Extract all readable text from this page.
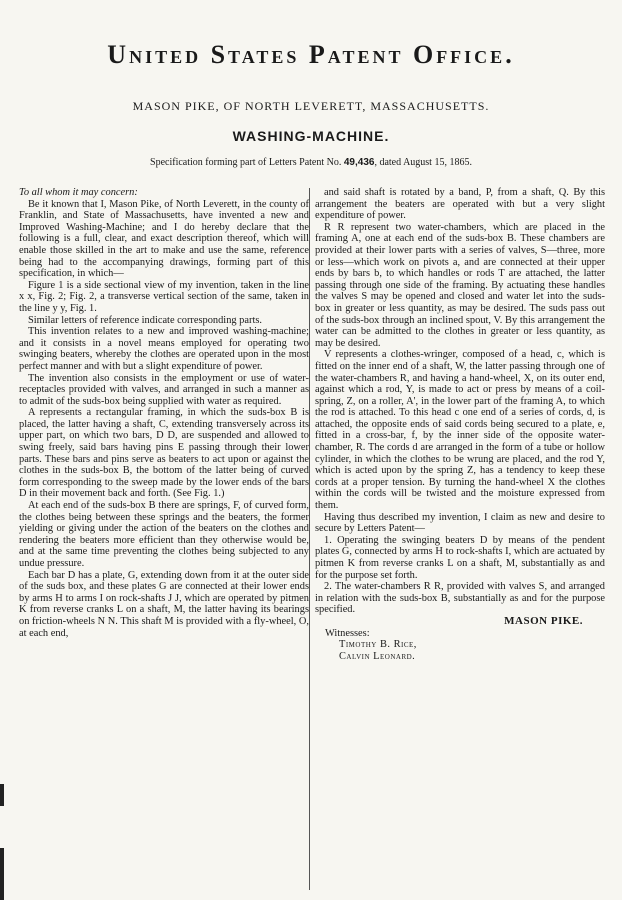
United States Patent Office.

MASON PIKE, OF NORTH LEVERETT, MASSACHUSETTS.

WASHING-MACHINE.

Specification forming part of Letters Patent No. 49,436, dated August 15, 1865.

To all whom it may concern:

Be it known that I, Mason Pike, of North Leverett, in the county of Franklin, and State of Massachusetts, have invented a new and Improved Washing-Machine; and I do hereby declare that the following is a full, clear, and exact description thereof, which will enable those skilled in the art to make and use the same, reference being had to the accompanying drawings, forming part of this specification, in which—

Figure 1 is a side sectional view of my invention, taken in the line x x, Fig. 2; Fig. 2, a transverse vertical section of the same, taken in the line y y, Fig. 1.

Similar letters of reference indicate corresponding parts.

This invention relates to a new and improved washing-machine; and it consists in a novel means employed for operating two swinging beaters, whereby the clothes are operated upon in the most perfect manner and with but a slight expenditure of power.

The invention also consists in the employment or use of water-receptacles provided with valves, and arranged in such a manner as to admit of the suds-box being supplied with water as required.

A represents a rectangular framing, in which the suds-box B is placed, the latter having a shaft, C, extending transversely across its upper part, on which two bars, D D, are suspended and allowed to swing freely, said bars having pins E passing through their lower parts. These bars and pins serve as beaters to act upon or against the clothes in the suds-box B, the bottom of the latter being of curved form corresponding to the sweep made by the lower ends of the bars D in their movement back and forth. (See Fig. 1.)

At each end of the suds-box B there are springs, F, of curved form, the clothes being between these springs and the beaters, the former yielding or giving under the action of the beaters on the clothes and rendering the beaters more efficient than they otherwise would be, and at the same time preventing the clothes being subjected to any undue pressure.

Each bar D has a plate, G, extending down from it at the outer side of the suds box, and these plates G are connected at their lower ends by arms H to arms I on rock-shafts J J, which are operated by pitmen K from reverse cranks L on a shaft, M, the latter having its bearings on friction-wheels N N. This shaft M is provided with a fly-wheel, O, at each end,

and said shaft is rotated by a band, P, from a shaft, Q. By this arrangement the beaters are operated with but a very slight expenditure of power.

R R represent two water-chambers, which are placed in the framing A, one at each end of the suds-box B. These chambers are provided at their lower parts with a series of valves, S—three, more or less—which work on pivots a, and are connected at their upper ends by bars b, to which handles or rods T are attached, the latter passing through one side of the framing. By actuating these handles the valves S may be opened and closed and water let into the suds-box in greater or less quantity, as may be desired. The suds pass out of the suds-box through an inclined spout, V. By this arrangement the water can be admitted to the clothes in greater or less quantity, as may be desired.

V represents a clothes-wringer, composed of a head, c, which is fitted on the inner end of a shaft, W, the latter passing through one of the water-chambers R, and having a hand-wheel, X, on its outer end, against which a rod, Y, is made to act or press by means of a coil-spring, Z, on a roller, A', in the lower part of the framing A, to which the rod is attached. To this head c one end of a series of cords, d, is attached, the opposite ends of said cords being secured to a plate, e, fitted in a cross-bar, f, by the inner side of the opposite water-chamber, R. The cords d are arranged in the form of a tube or hollow cylinder, in which the clothes to be wrung are placed, and the rod Y, which is acted upon by the spring Z, has a tendency to keep these cords at a proper tension. By turning the hand-wheel X the clothes within the cords will be twisted and the moisture expressed from them.

Having thus described my invention, I claim as new and desire to secure by Letters Patent—

1. Operating the swinging beaters D by means of the pendent plates G, connected by arms H to rock-shafts I, which are actuated by pitmen K from reverse cranks L on a shaft, M, substantially as and for the purpose set forth.

2. The water-chambers R R, provided with valves S, and arranged in relation with the suds-box B, substantially as and for the purpose specified.

MASON PIKE.
Witnesses:
Timothy B. Rice,
Calvin Leonard.
